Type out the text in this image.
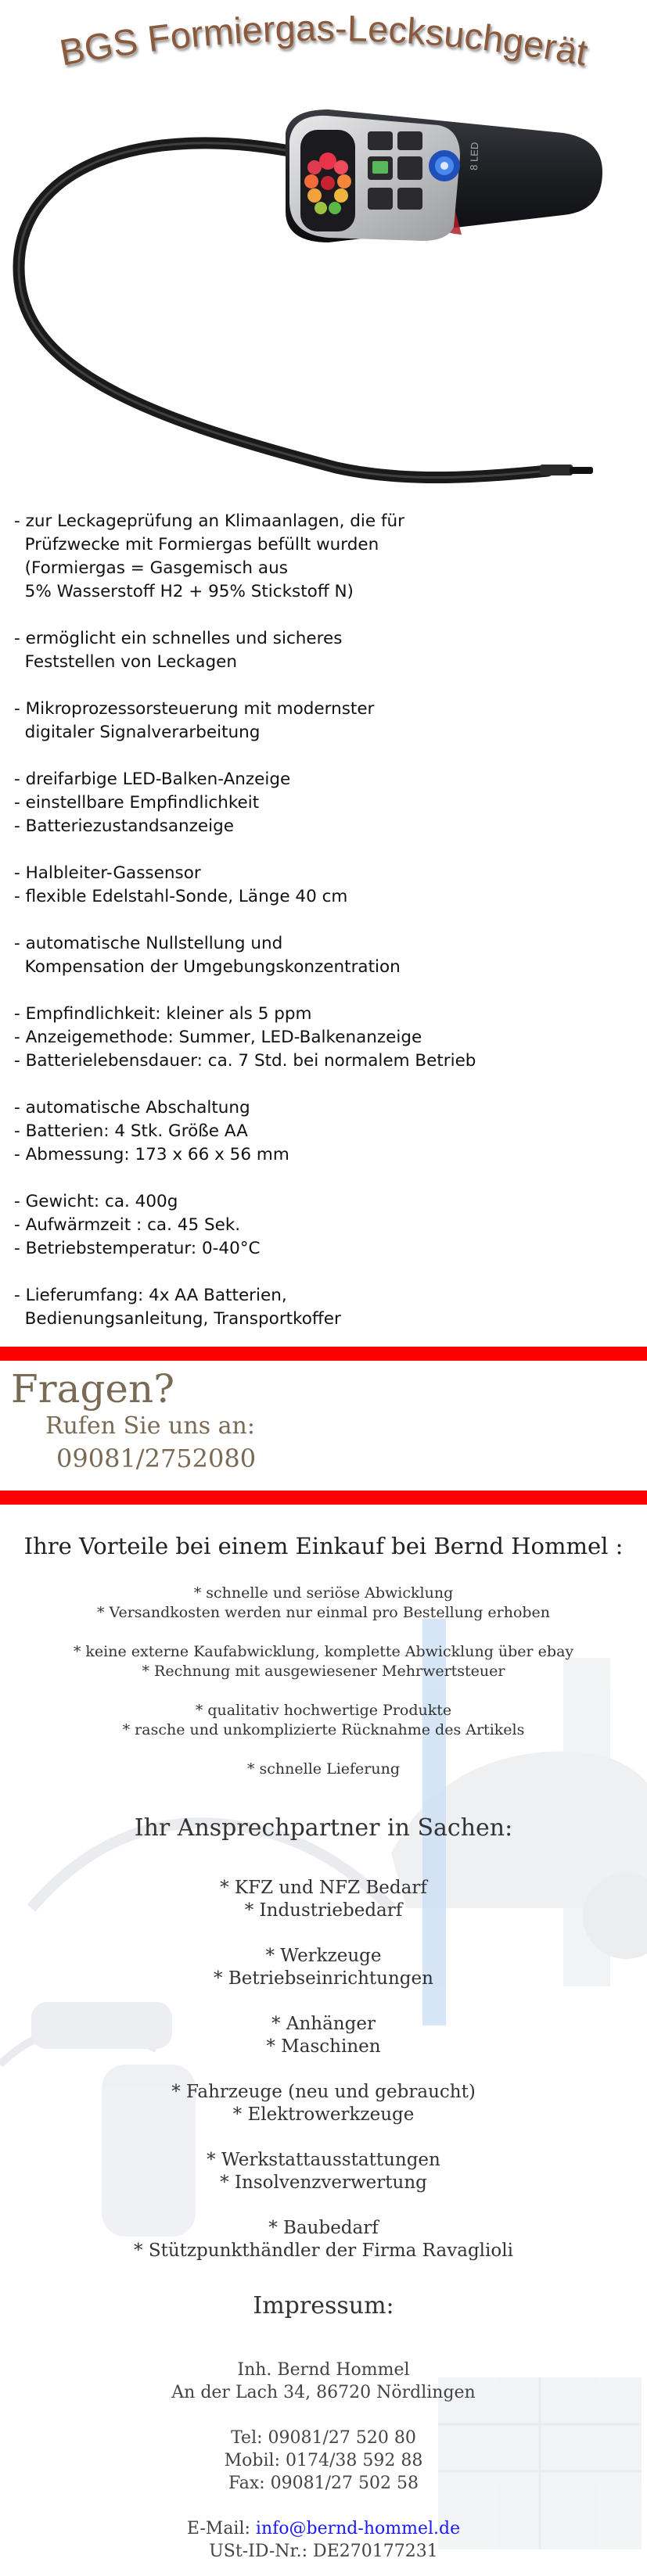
BGS Formiergas-Lecksuchgerät
8 LED
- zur Leckageprüfung an Klimaanlagen, die für
Prüfzwecke mit Formiergas befüllt wurden
(Formiergas = Gasgemisch aus
5% Wasserstoff H2 + 95% Stickstoff N)
- ermöglicht ein schnelles und sicheres
Feststellen von Leckagen
- Mikroprozessorsteuerung mit modernster
digitaler Signalverarbeitung
- dreifarbige LED-Balken-Anzeige
- einstellbare Empfindlichkeit
- Batteriezustandsanzeige
- Halbleiter-Gassensor
- flexible Edelstahl-Sonde, Länge 40 cm
- automatische Nullstellung und
Kompensation der Umgebungskonzentration
- Empfindlichkeit: kleiner als 5 ppm
- Anzeigemethode: Summer, LED-Balkenanzeige
- Batterielebensdauer: ca. 7 Std. bei normalem Betrieb
- automatische Abschaltung
- Batterien: 4 Stk. Größe AA
- Abmessung: 173 x 66 x 56 mm
- Gewicht: ca. 400g
- Aufwärmzeit : ca. 45 Sek.
- Betriebstemperatur: 0-40°C
- Lieferumfang: 4x AA Batterien,
Bedienungsanleitung, Transportkoffer
Fragen?
Rufen Sie uns an:
09081/2752080
Ihre Vorteile bei einem Einkauf bei Bernd Hommel :
* schnelle und seriöse Abwicklung
* Versandkosten werden nur einmal pro Bestellung erhoben
* keine externe Kaufabwicklung, komplette Abwicklung über ebay
* Rechnung mit ausgewiesener Mehrwertsteuer
* qualitativ hochwertige Produkte
* rasche und unkomplizierte Rücknahme des Artikels
* schnelle Lieferung
Ihr Ansprechpartner in Sachen:
* KFZ und NFZ Bedarf
* Industriebedarf
* Werkzeuge
* Betriebseinrichtungen
* Anhänger
* Maschinen
* Fahrzeuge (neu und gebraucht)
* Elektrowerkzeuge
* Werkstattausstattungen
* Insolvenzverwertung
* Baubedarf
* Stützpunkthändler der Firma Ravaglioli
Impressum:
Inh. Bernd Hommel
An der Lach 34, 86720 Nördlingen
Tel: 09081/27 520 80
Mobil: 0174/38 592 88
Fax: 09081/27 502 58
E-Mail: info@bernd-hommel.de
USt-ID-Nr.: DE270177231
